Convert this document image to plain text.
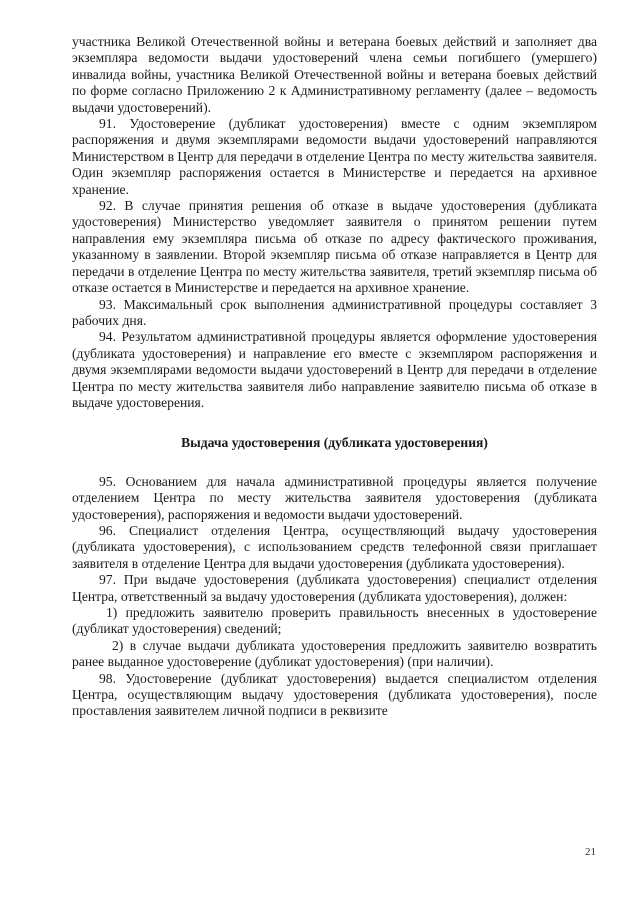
участника Великой Отечественной войны и ветерана боевых действий и заполняет два экземпляра ведомости выдачи удостоверений члена семьи погибшего (умершего) инвалида войны, участника Великой Отечественной войны и ветерана боевых действий по форме согласно Приложению 2 к Административному регламенту (далее – ведомость выдачи удостоверений).

91. Удостоверение (дубликат удостоверения) вместе с одним экземпляром распоряжения и двумя экземплярами ведомости выдачи удостоверений направляются Министерством в Центр для передачи в отделение Центра по месту жительства заявителя. Один экземпляр распоряжения остается в Министерстве и передается на архивное хранение.

92. В случае принятия решения об отказе в выдаче удостоверения (дубликата удостоверения) Министерство уведомляет заявителя о принятом решении путем направления ему экземпляра письма об отказе по адресу фактического проживания, указанному в заявлении. Второй экземпляр письма об отказе направляется в Центр для передачи в отделение Центра по месту жительства заявителя, третий экземпляр письма об отказе остается в Министерстве и передается на архивное хранение.

93. Максимальный срок выполнения административной процедуры составляет 3 рабочих дня.

94. Результатом административной процедуры является оформление удостоверения (дубликата удостоверения) и направление его вместе с экземпляром распоряжения и двумя экземплярами ведомости выдачи удостоверений в Центр для передачи в отделение Центра по месту жительства заявителя либо направление заявителю письма об отказе в выдаче удостоверения.

Выдача удостоверения (дубликата удостоверения)

95. Основанием для начала административной процедуры является получение отделением Центра по месту жительства заявителя удостоверения (дубликата удостоверения), распоряжения и ведомости выдачи удостоверений.

96. Специалист отделения Центра, осуществляющий выдачу удостоверения (дубликата удостоверения), с использованием средств телефонной связи приглашает заявителя в отделение Центра для выдачи удостоверения (дубликата удостоверения).

97. При выдаче удостоверения (дубликата удостоверения) специалист отделения Центра, ответственный за выдачу удостоверения (дубликата удостоверения), должен:

1) предложить заявителю проверить правильность внесенных в удостоверение (дубликат удостоверения) сведений;

2) в случае выдачи дубликата удостоверения предложить заявителю возвратить ранее выданное удостоверение (дубликат удостоверения) (при наличии).

98. Удостоверение (дубликат удостоверения) выдается специалистом отделения Центра, осуществляющим выдачу удостоверения (дубликата удостоверения), после проставления заявителем личной подписи в реквизите

21
